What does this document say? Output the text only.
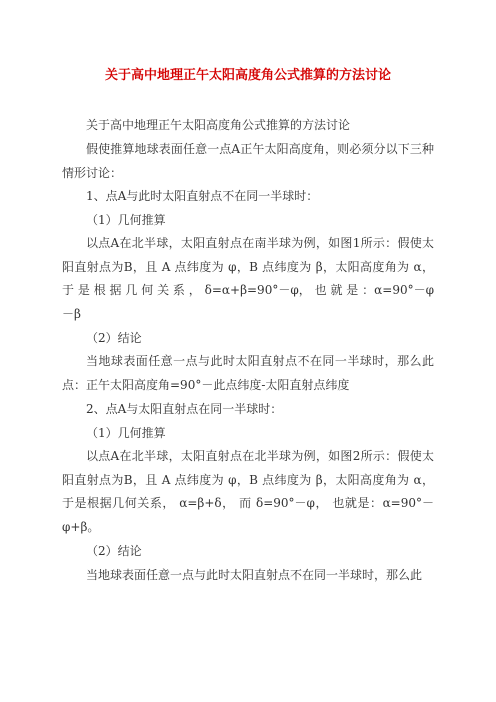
关于高中地理正午太阳高度角公式推算的方法讨论

关于高中地理正午太阳高度角公式推算的方法讨论

假使推算地球表面任意一点A正午太阳高度角，则必须分以下三种情形讨论：

1、点A与此时太阳直射点不在同一半球时：

（1）几何推算

以点A在北半球，太阳直射点在南半球为例，如图1所示：假使太阳直射点为B，且 A 点纬度为 φ，B 点纬度为 β，太阳高度角为 α， 于 是 根 据 几 何 关 系 ， δ=α+β=90°－φ， 也 就 是 ：α=90°－φ－β

（2）结论

当地球表面任意一点与此时太阳直射点不在同一半球时，那么此点：正午太阳高度角=90°－此点纬度-太阳直射点纬度

2、点A与太阳直射点在同一半球时：

（1）几何推算

以点A在北半球，太阳直射点在北半球为例，如图2所示：假使太阳直射点为B，且 A 点纬度为 φ，B 点纬度为 β，太阳高度角为 α， 于是根据几何关系， α=β+δ， 而 δ=90°－φ， 也就是：α=90°－φ+β。

（2）结论

当地球表面任意一点与此时太阳直射点不在同一半球时，那么此
